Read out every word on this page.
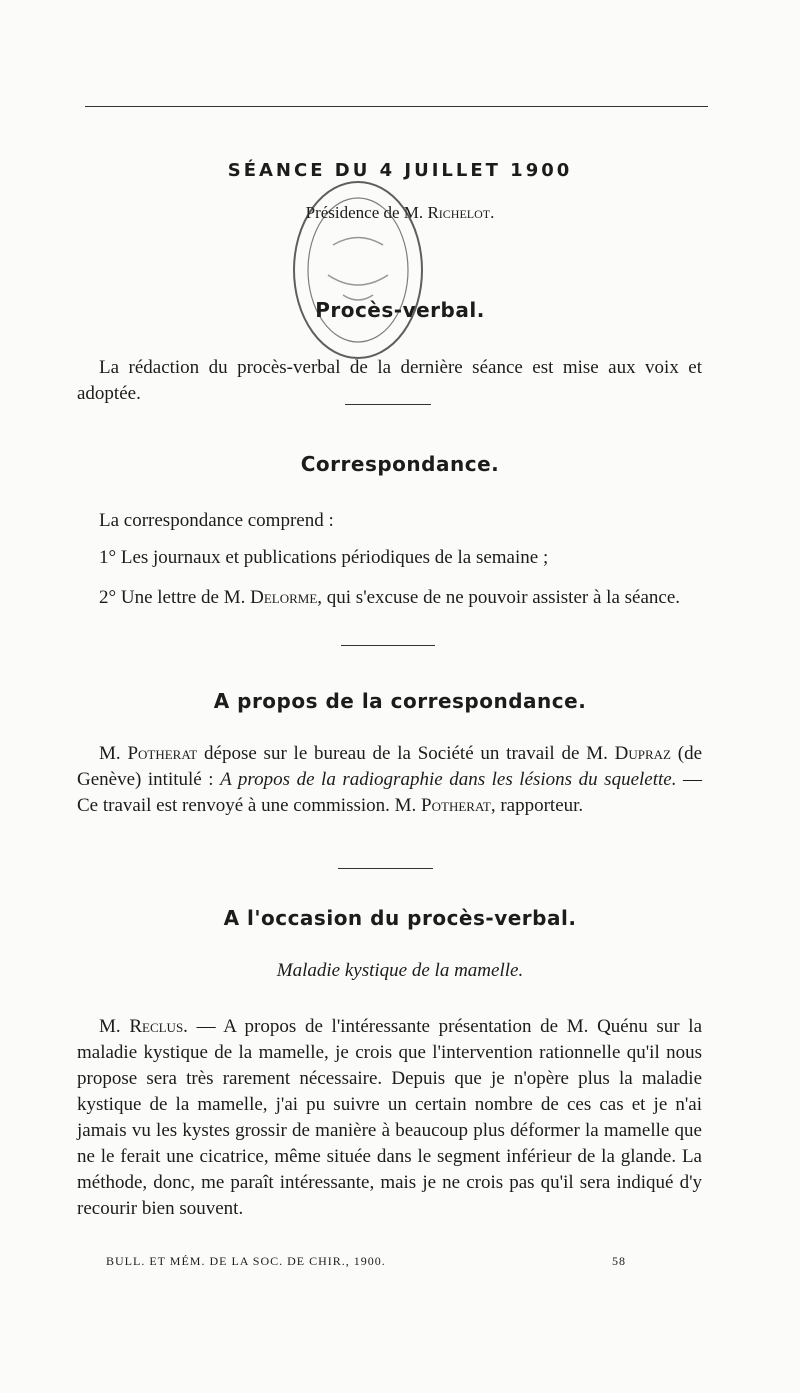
SÉANCE DU 4 JUILLET 1900
Présidence de M. Richelot.
Procès-verbal.
La rédaction du procès-verbal de la dernière séance est mise aux voix et adoptée.
Correspondance.
La correspondance comprend :
1° Les journaux et publications périodiques de la semaine ;
2° Une lettre de M. Delorme, qui s'excuse de ne pouvoir assister à la séance.
A propos de la correspondance.
M. Potherat dépose sur le bureau de la Société un travail de M. Dupraz (de Genève) intitulé : A propos de la radiographie dans les lésions du squelette. — Ce travail est renvoyé à une commission. M. Potherat, rapporteur.
A l'occasion du procès-verbal.
Maladie kystique de la mamelle.
M. Reclus. — A propos de l'intéressante présentation de M. Quénu sur la maladie kystique de la mamelle, je crois que l'intervention rationnelle qu'il nous propose sera très rarement nécessaire. Depuis que je n'opère plus la maladie kystique de la mamelle, j'ai pu suivre un certain nombre de ces cas et je n'ai jamais vu les kystes grossir de manière à beaucoup plus déformer la mamelle que ne le ferait une cicatrice, même située dans le segment inférieur de la glande. La méthode, donc, me paraît intéressante, mais je ne crois pas qu'il sera indiqué d'y recourir bien souvent.
BULL. ET MÉM. DE LA SOC. DE CHIR., 1900.	58
